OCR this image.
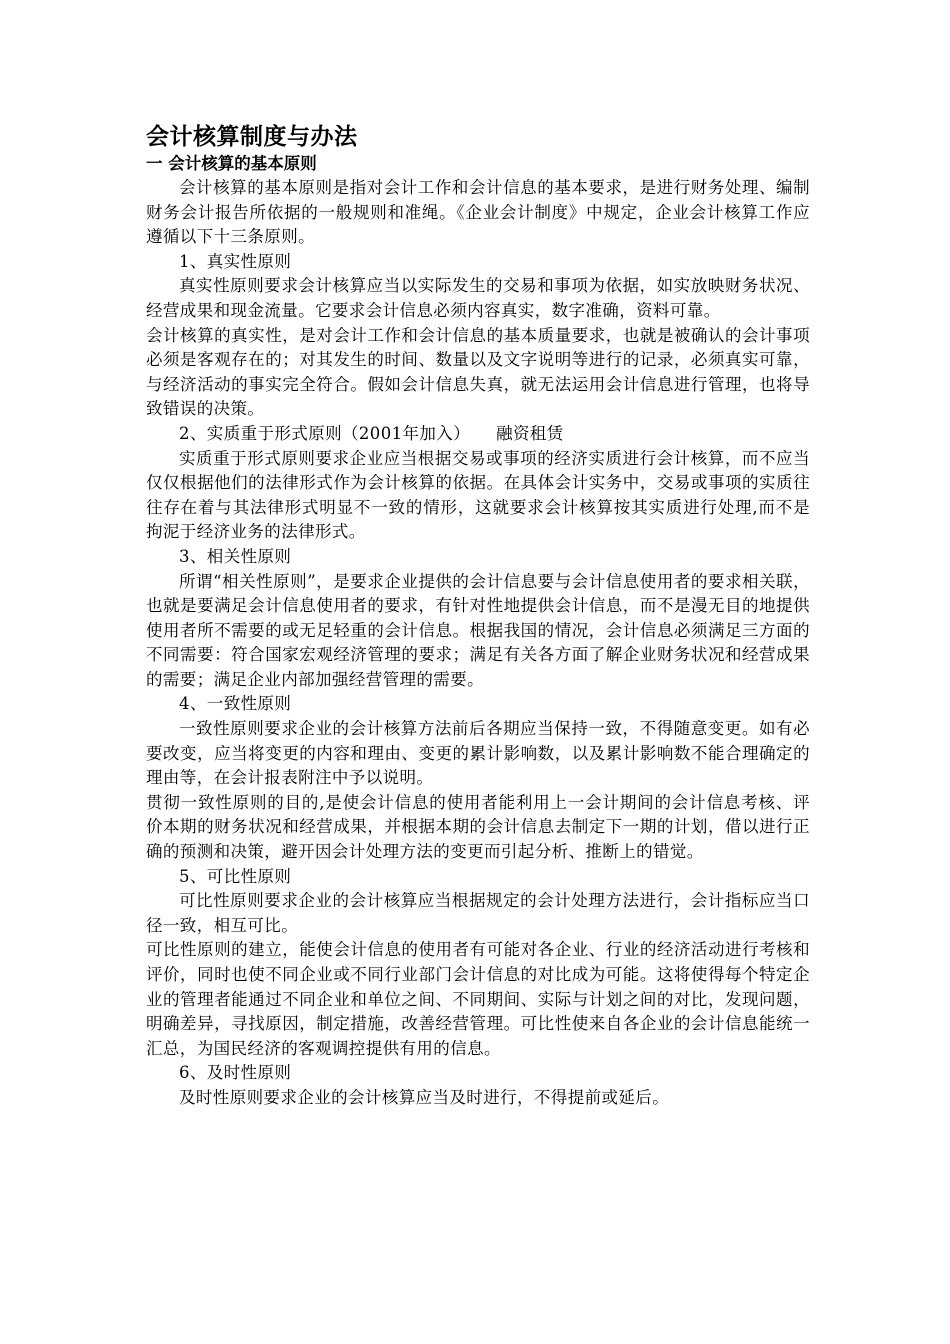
会计核算制度与办法
一 会计核算的基本原则

会计核算的基本原则是指对会计工作和会计信息的基本要求，是进行财务处理、编制财务会计报告所依据的一般规则和准绳。《企业会计制度》中规定，企业会计核算工作应遵循以下十三条原则。

1、真实性原则

真实性原则要求会计核算应当以实际发生的交易和事项为依据，如实放映财务状况、经营成果和现金流量。它要求会计信息必须内容真实，数字准确，资料可靠。

会计核算的真实性，是对会计工作和会计信息的基本质量要求，也就是被确认的会计事项必须是客观存在的；对其发生的时间、数量以及文字说明等进行的记录，必须真实可靠，与经济活动的事实完全符合。假如会计信息失真，就无法运用会计信息进行管理，也将导致错误的决策。

2、实质重于形式原则（2001年加入） 融资租赁

实质重于形式原则要求企业应当根据交易或事项的经济实质进行会计核算，而不应当仅仅根据他们的法律形式作为会计核算的依据。在具体会计实务中，交易或事项的实质往往存在着与其法律形式明显不一致的情形，这就要求会计核算按其实质进行处理,而不是拘泥于经济业务的法律形式。

3、相关性原则

所谓“相关性原则”，是要求企业提供的会计信息要与会计信息使用者的要求相关联，也就是要满足会计信息使用者的要求，有针对性地提供会计信息，而不是漫无目的地提供使用者所不需要的或无足轻重的会计信息。根据我国的情况，会计信息必须满足三方面的不同需要：符合国家宏观经济管理的要求；满足有关各方面了解企业财务状况和经营成果的需要；满足企业内部加强经营管理的需要。

4、一致性原则

一致性原则要求企业的会计核算方法前后各期应当保持一致，不得随意变更。如有必要改变，应当将变更的内容和理由、变更的累计影响数，以及累计影响数不能合理确定的理由等，在会计报表附注中予以说明。

贯彻一致性原则的目的,是使会计信息的使用者能利用上一会计期间的会计信息考核、评价本期的财务状况和经营成果，并根据本期的会计信息去制定下一期的计划，借以进行正确的预测和决策，避开因会计处理方法的变更而引起分析、推断上的错觉。

5、可比性原则

可比性原则要求企业的会计核算应当根据规定的会计处理方法进行，会计指标应当口径一致，相互可比。

可比性原则的建立，能使会计信息的使用者有可能对各企业、行业的经济活动进行考核和评价，同时也使不同企业或不同行业部门会计信息的对比成为可能。这将使得每个特定企业的管理者能通过不同企业和单位之间、不同期间、实际与计划之间的对比，发现问题，明确差异，寻找原因，制定措施，改善经营管理。可比性使来自各企业的会计信息能统一汇总，为国民经济的客观调控提供有用的信息。

6、及时性原则

及时性原则要求企业的会计核算应当及时进行，不得提前或延后。
